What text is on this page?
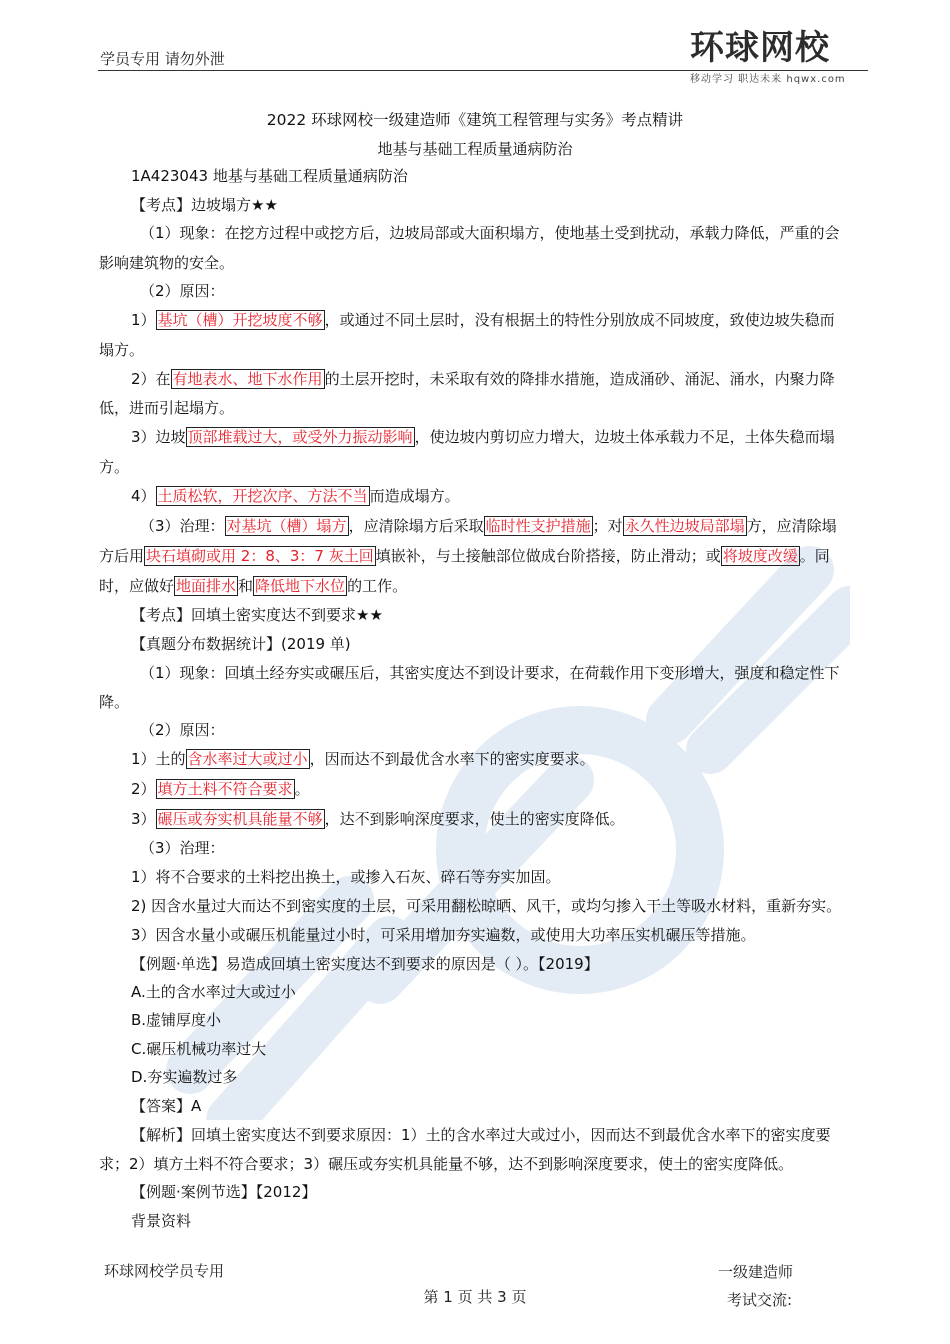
学员专用 请勿外泄	环球网校
移动学习 职达未来 hqwx.com
2022 环球网校一级建造师《建筑工程管理与实务》考点精讲
地基与基础工程质量通病防治
1A423043 地基与基础工程质量通病防治
【考点】边坡塌方★★
（1）现象：在挖方过程中或挖方后，边坡局部或大面积塌方，使地基土受到扰动，承载力降低，严重的会
影响建筑物的安全。
（2）原因：
1） 基坑（槽）开挖坡度不够 ，或通过不同土层时，没有根据土的特性分别放成不同坡度，致使边坡失稳而
塌方。
2）在 有地表水、地下水作用 的土层开挖时，未采取有效的降排水措施，造成涌砂、涌泥、涌水，内聚力降
低，进而引起塌方。
3）边坡 顶部堆载过大，或受外力振动影响 ，使边坡内剪切应力增大，边坡土体承载力不足，土体失稳而塌
方。
4） 土质松软，开挖次序、方法不当 而造成塌方。
（3）治理： 对基坑（槽）塌方 ，应清除塌方后采取 临时性支护措施 ；对 永久性边坡局部塌 方，应清除塌
方后用 块石填砌或用 2：8、3：7 灰土回 填嵌补，与土接触部位做成台阶搭接，防止滑动；或 将坡度改缓 。同
时，应做好 地面排水 和 降低地下水位 的工作。
【考点】回填土密实度达不到要求★★
【真题分布数据统计】(2019 单)
（1）现象：回填土经夯实或碾压后，其密实度达不到设计要求，在荷载作用下变形增大，强度和稳定性下
降。
（2）原因：
1）土的 含水率过大或过小 ，因而达不到最优含水率下的密实度要求。
2） 填方土料不符合要求 。
3） 碾压或夯实机具能量不够 ，达不到影响深度要求，使土的密实度降低。
（3）治理：
1）将不合要求的土料挖出换土，或掺入石灰、碎石等夯实加固。
2) 因含水量过大而达不到密实度的土层，可采用翻松晾晒、风干，或均匀掺入干土等吸水材料，重新夯实。
3）因含水量小或碾压机能量过小时，可采用增加夯实遍数，或使用大功率压实机碾压等措施。
【例题·单选】易造成回填土密实度达不到要求的原因是（ ）。【2019】
A.土的含水率过大或过小
B.虚铺厚度小
C.碾压机械功率过大
D.夯实遍数过多
【答案】A
【解析】回填土密实度达不到要求原因：1）土的含水率过大或过小，因而达不到最优含水率下的密实度要
求；2）填方土料不符合要求；3）碾压或夯实机具能量不够，达不到影响深度要求，使土的密实度降低。
【例题·案例节选】【2012】
背景资料
环球网校学员专用
第 1 页 共 3 页
一级建造师
考试交流:
